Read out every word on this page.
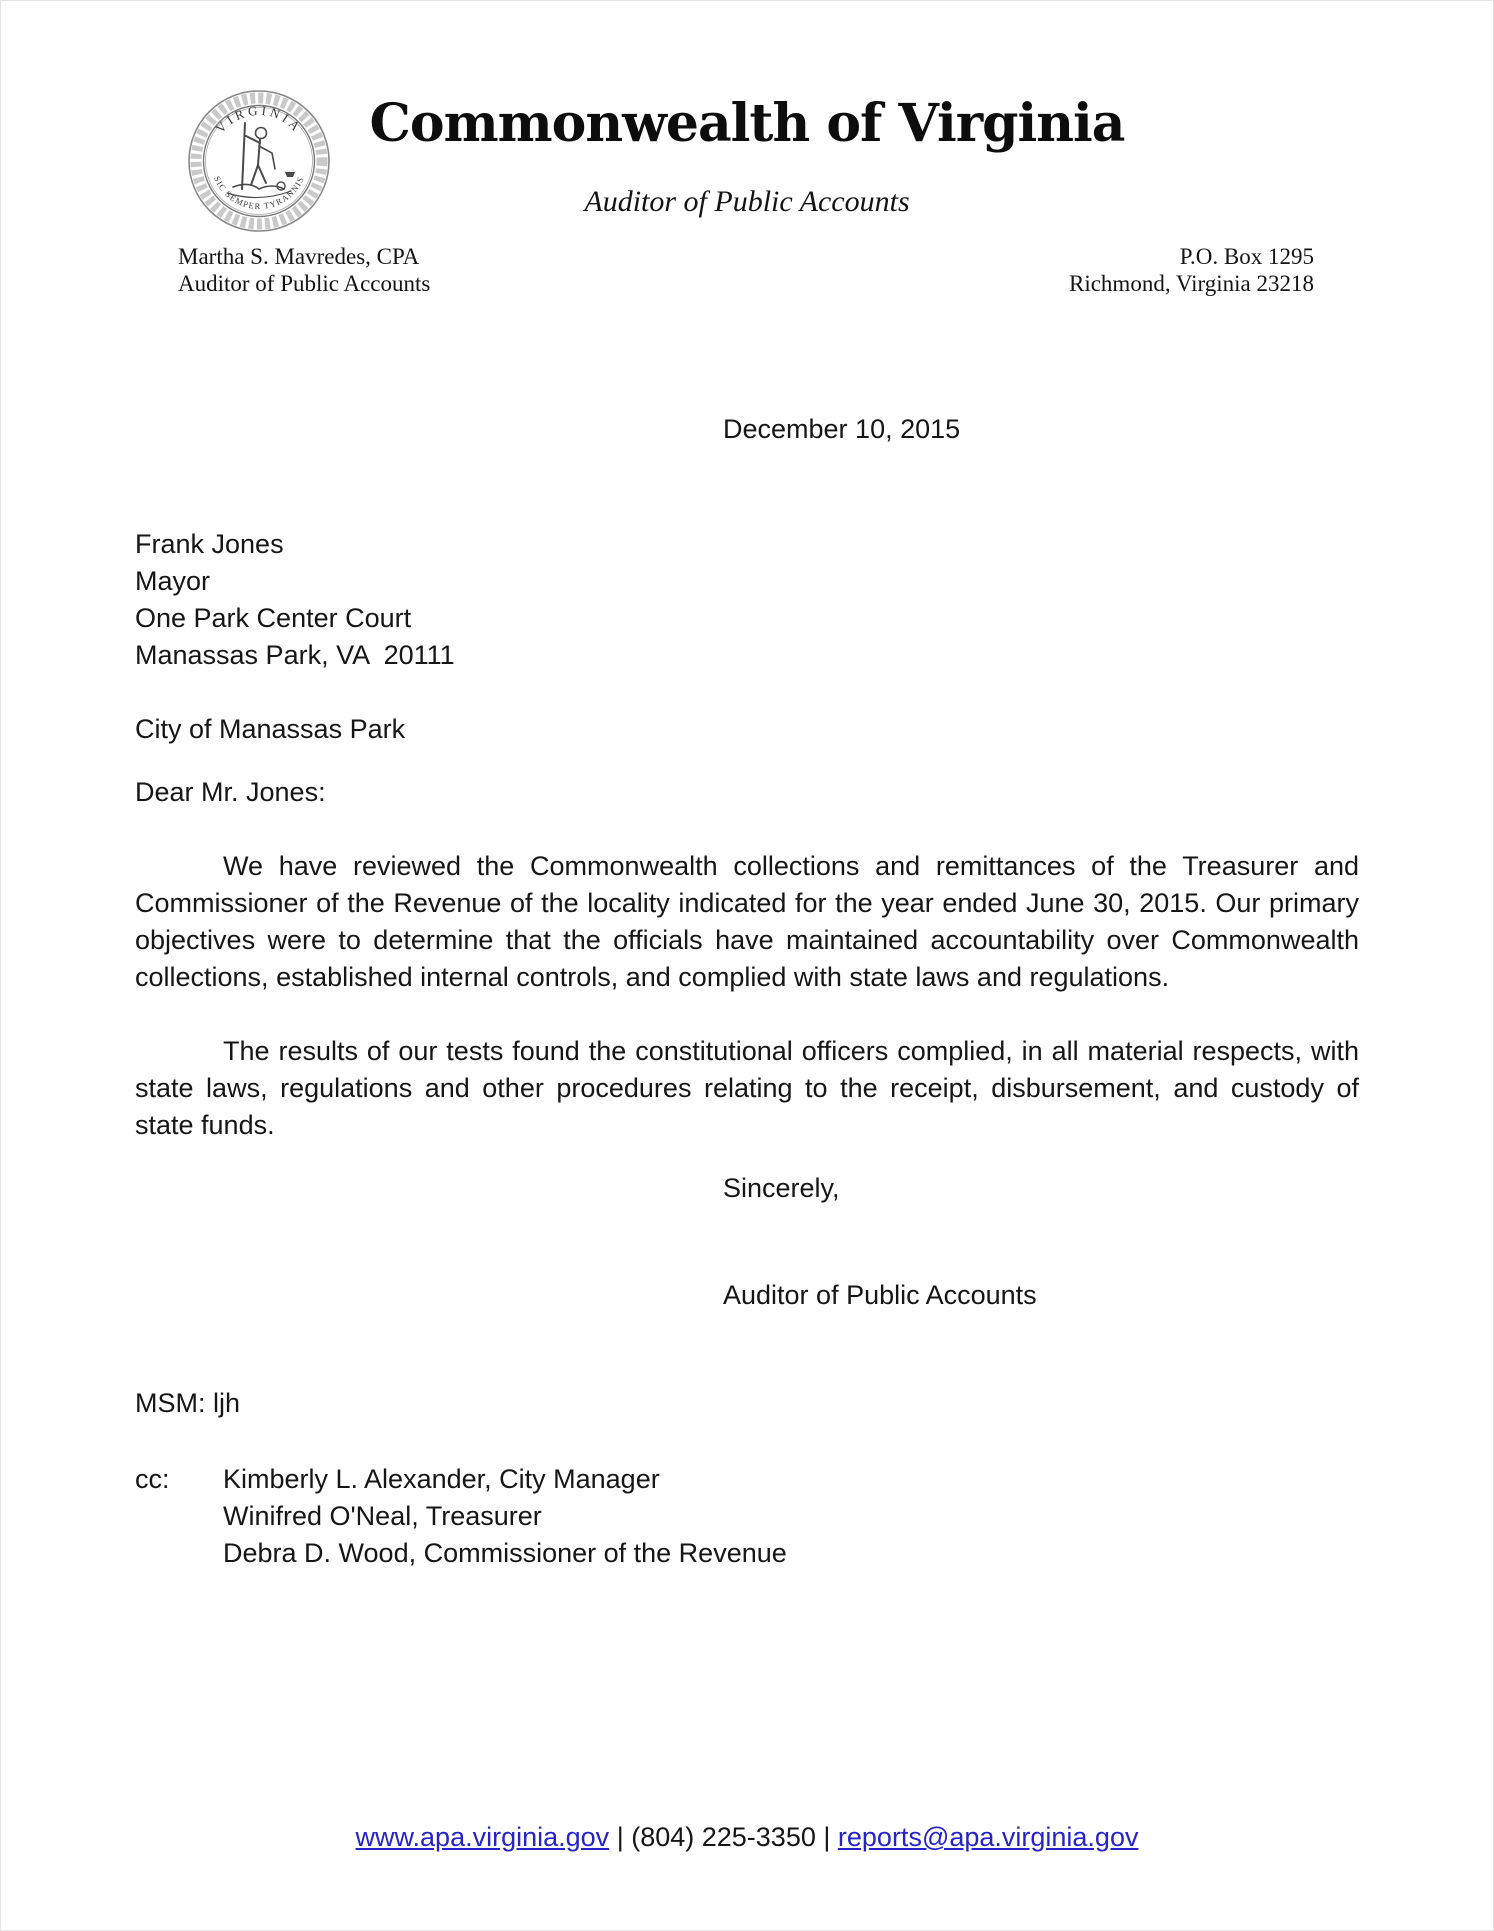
VIRGINIA
SIC SEMPER TYRANNIS
Commonwealth of Virginia
Auditor of Public Accounts
Martha S. Mavredes, CPA
Auditor of Public Accounts
P.O. Box 1295
Richmond, Virginia 23218
December 10, 2015
Frank Jones
Mayor
One Park Center Court
Manassas Park, VA  20111
City of Manassas Park
Dear Mr. Jones:

We have reviewed the Commonwealth collections and remittances of the Treasurer and Commissioner of the Revenue of the locality indicated for the year ended June 30, 2015. Our primary objectives were to determine that the officials have maintained accountability over Commonwealth collections, established internal controls, and complied with state laws and regulations.

The results of our tests found the constitutional officers complied, in all material respects, with state laws, regulations and other procedures relating to the receipt, disbursement, and custody of state funds.

Sincerely,
Auditor of Public Accounts
MSM: ljh
cc:	Kimberly L. Alexander, City Manager
Winifred O'Neal, Treasurer
Debra D. Wood, Commissioner of the Revenue
www.apa.virginia.gov | (804) 225-3350 | reports@apa.virginia.gov
